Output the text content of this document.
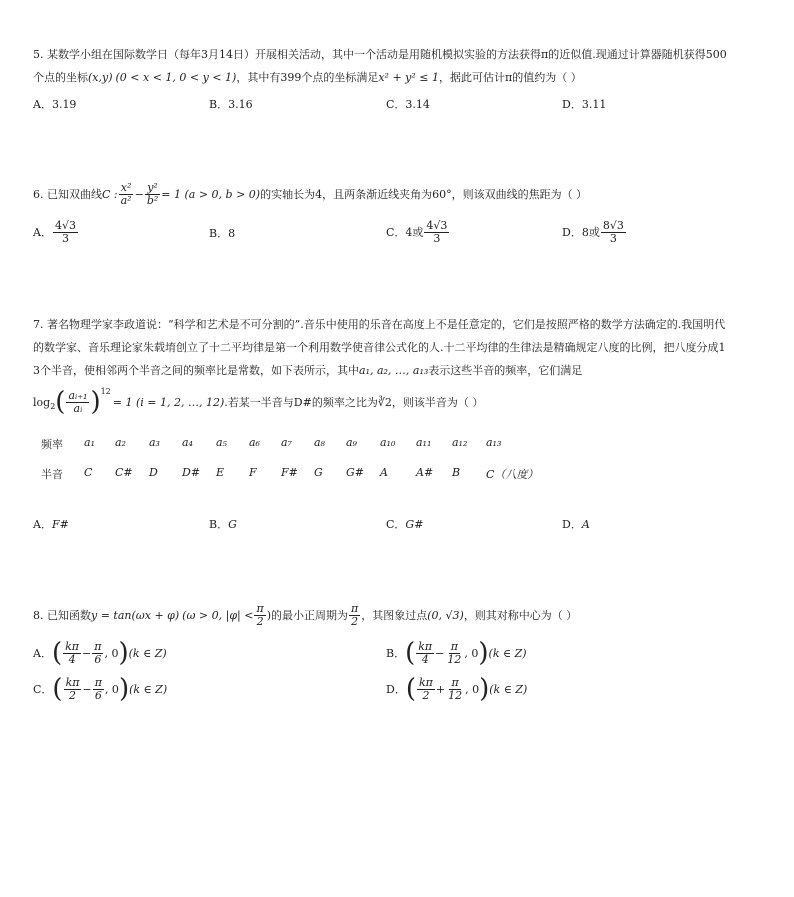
5. 某数学小组在国际数学日（每年3月14日）开展相关活动，其中一个活动是用随机模拟实验的方法获得π的近似值.现通过计算器随机获得500
个点的坐标(x,y) (0 < x < 1, 0 < y < 1)，其中有399个点的坐标满足x² + y² ≤ 1，据此可估计π的值约为（ ）
A．3.19	B．3.16	C．3.14	D．3.11
6. 已知双曲线 C : $\frac{\text{x²}}{\text{a²}} - \frac{\text{y²}}{\text{b²}} = 1$ (a > 0, b > 0) 的实轴长为4，且两条渐近线夹角为 60° ，则该双曲线的焦距为（ ）
A． $\frac{4√3}{3}$	B．8	C．4或 $\frac{4√3}{3}$	D．8或 $\frac{8√3}{3}$
7. 著名物理学家李政道说：“科学和艺术是不可分割的”.音乐中使用的乐音在高度上不是任意定的，它们是按照严格的数学方法确定的.我国明代
的数学家、音乐理论家朱载堉创立了十二平均律是第一个利用数学使音律公式化的人.十二平均律的生律法是精确规定八度的比例，把八度分成1
3个半音，使相邻两个半音之间的频率比是常数，如下表所示，其中a₁, a₂, …, a₁₃表示这些半音的频率，它们满足
$\log_2$ ( $\frac{\text{aᵢ₊₁}}{\text{aᵢ}} )^{12}$
= 1 (i = 1, 2, …, 12) .若某一半音与 D# 的频率之比为 ∛2 ，则该半音为（ ）
频率 a₁ a₂ a₃ a₄ a₅ a₆ a₇ a₈ a₉ a₁₀ a₁₁ a₁₂ a₁₃
半音 C C# D D# E F F# G G# A	A# B C（八度）
A．F#	B．G	C．G#	D．A
8. 已知函数 y = tan(ωx + φ) (ω > 0, $|\varphi| < \frac{\pi}{2}$ ) 的最小正周期为 $\frac{\pi}{2}$ ，其图象过点 (0, √3) ，则其对称中心为（ ）
A． ( $\frac{k\pi}{4} - \frac{\pi}{6}$ , 0 ) (k ∈ Z)	B． ( $\frac{k\pi}{4} - \frac{\pi}{12}$ , 0 ) (k ∈ Z)
C． ( $\frac{k\pi}{2} - \frac{\pi}{6}$ , 0 ) (k ∈ Z)	D． ( $\frac{k\pi}{2} + \frac{\pi}{12}$ , 0 ) (k ∈ Z)
